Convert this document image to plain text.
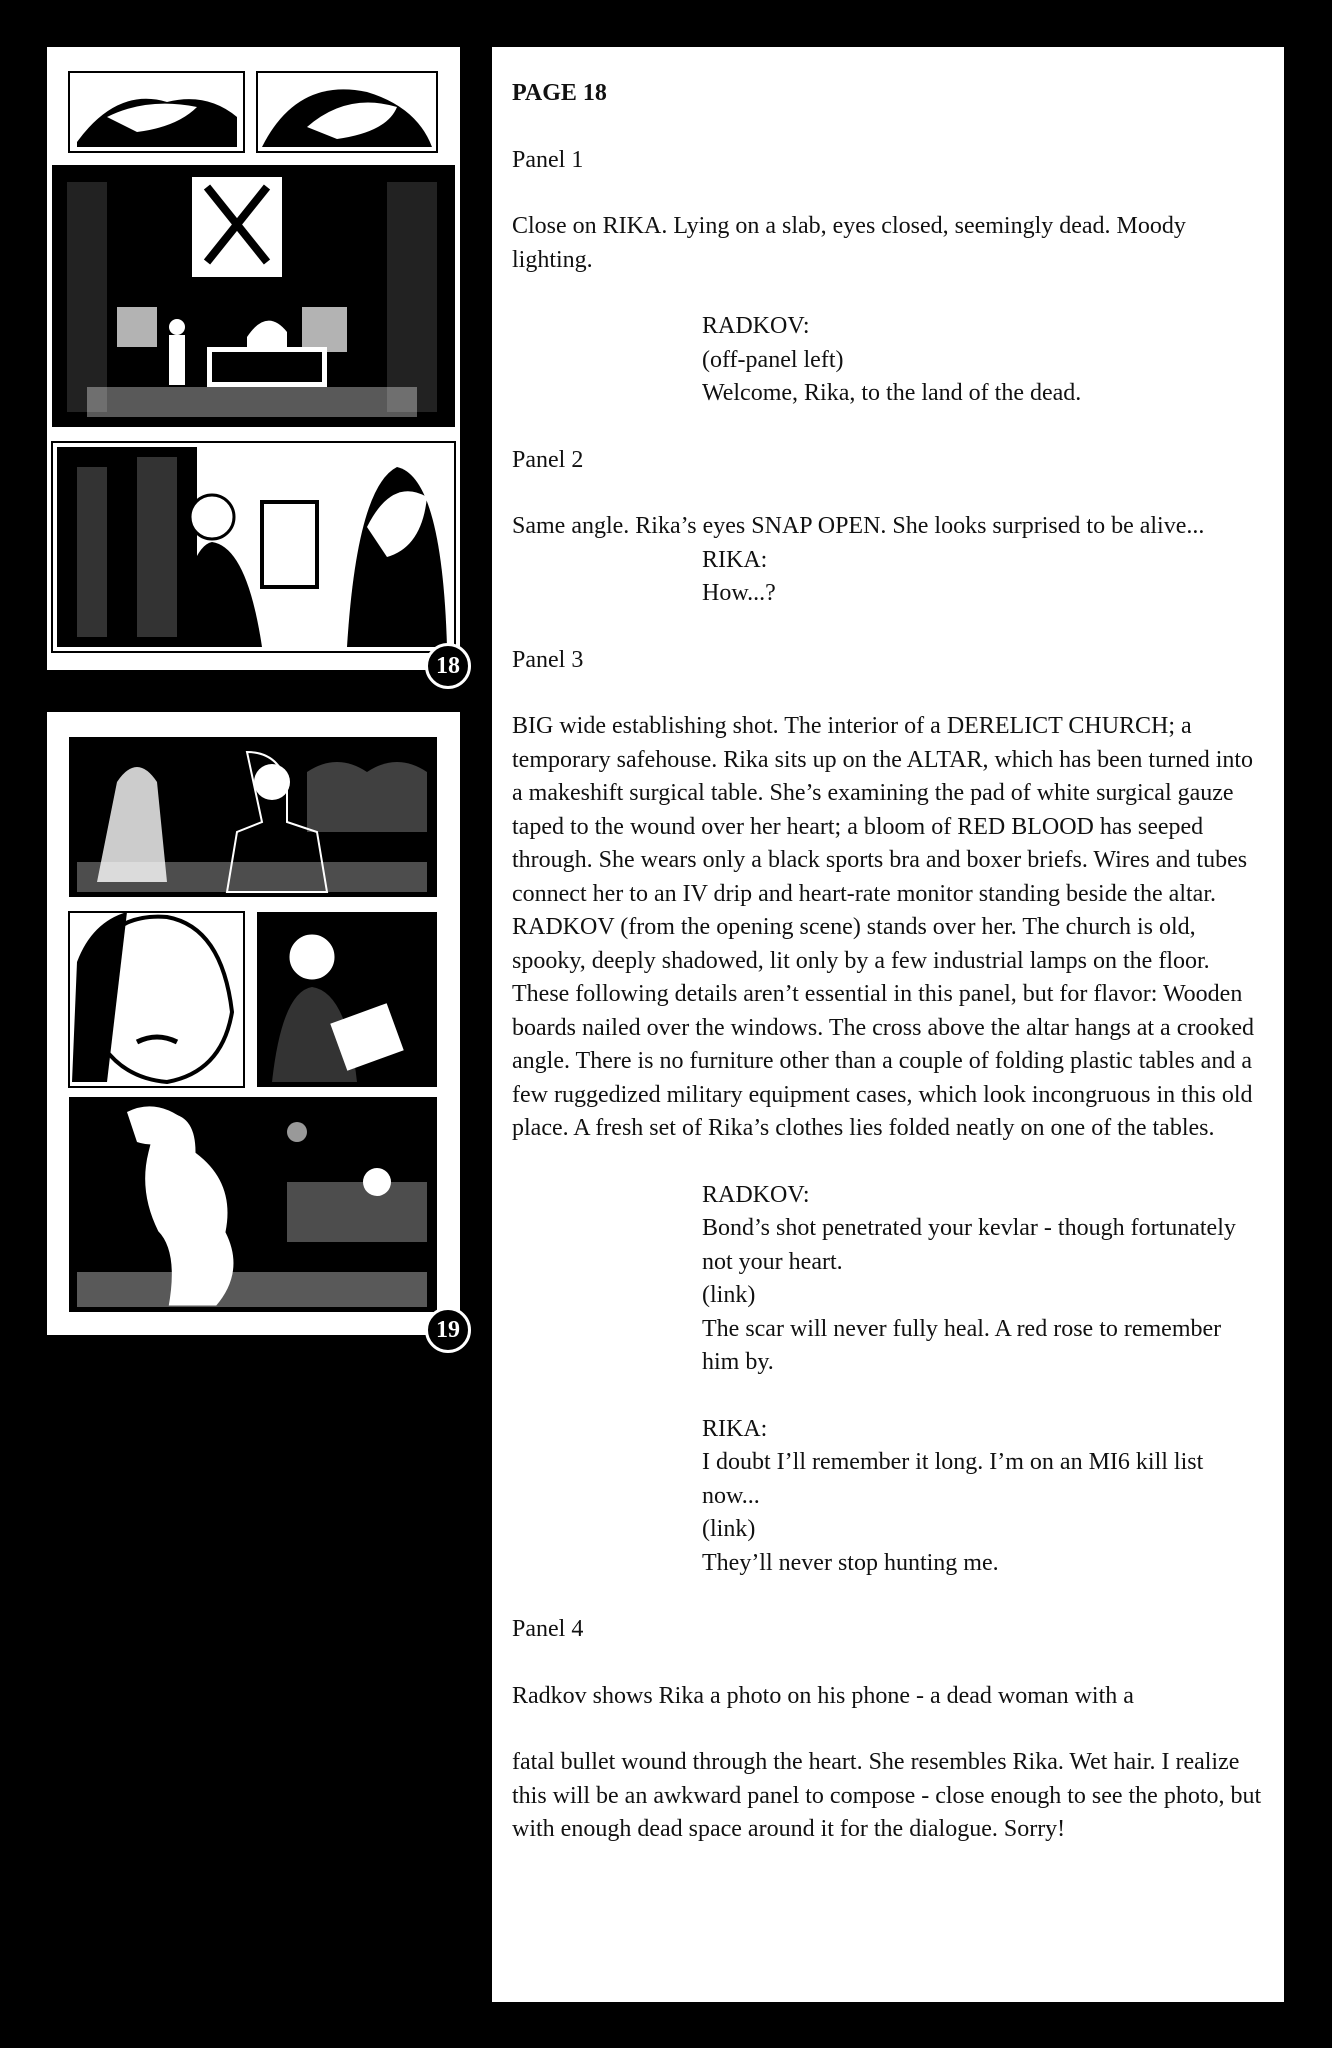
18
19

PAGE 18

Panel 1

Close on RIKA. Lying on a slab, eyes closed, seemingly dead. Moody lighting.

RADKOV:

(off-panel left)

Welcome, Rika, to the land of the dead.

Panel 2

Same angle. Rika’s eyes SNAP OPEN. She looks surprised to be alive...

RIKA:

How...?

Panel 3

BIG wide establishing shot. The interior of a DERELICT CHURCH; a temporary safehouse. Rika sits up on the ALTAR, which has been turned into a makeshift surgical table. She’s examining the pad of white surgical gauze taped to the wound over her heart; a bloom of RED BLOOD has seeped through. She wears only a black sports bra and boxer briefs. Wires and tubes connect her to an IV drip and heart-rate monitor standing beside the altar. RADKOV (from the opening scene) stands over her. The church is old, spooky, deeply shadowed, lit only by a few industrial lamps on the floor. These following details aren’t essential in this panel, but for flavor: Wooden boards nailed over the windows. The cross above the altar hangs at a crooked angle. There is no furniture other than a couple of folding plastic tables and a few ruggedized military equipment cases, which look incongruous in this old place. A fresh set of Rika’s clothes lies folded neatly on one of the tables.

RADKOV:

Bond’s shot penetrated your kevlar - though fortunately not your heart.

(link)

The scar will never fully heal. A red rose to remember him by.

RIKA:

I doubt I’ll remember it long. I’m on an MI6 kill list now...

(link)

They’ll never stop hunting me.

Panel 4

Radkov shows Rika a photo on his phone - a dead woman with a

fatal bullet wound through the heart. She resembles Rika. Wet hair. I realize this will be an awkward panel to compose - close enough to see the photo, but with enough dead space around it for the dialogue. Sorry!
